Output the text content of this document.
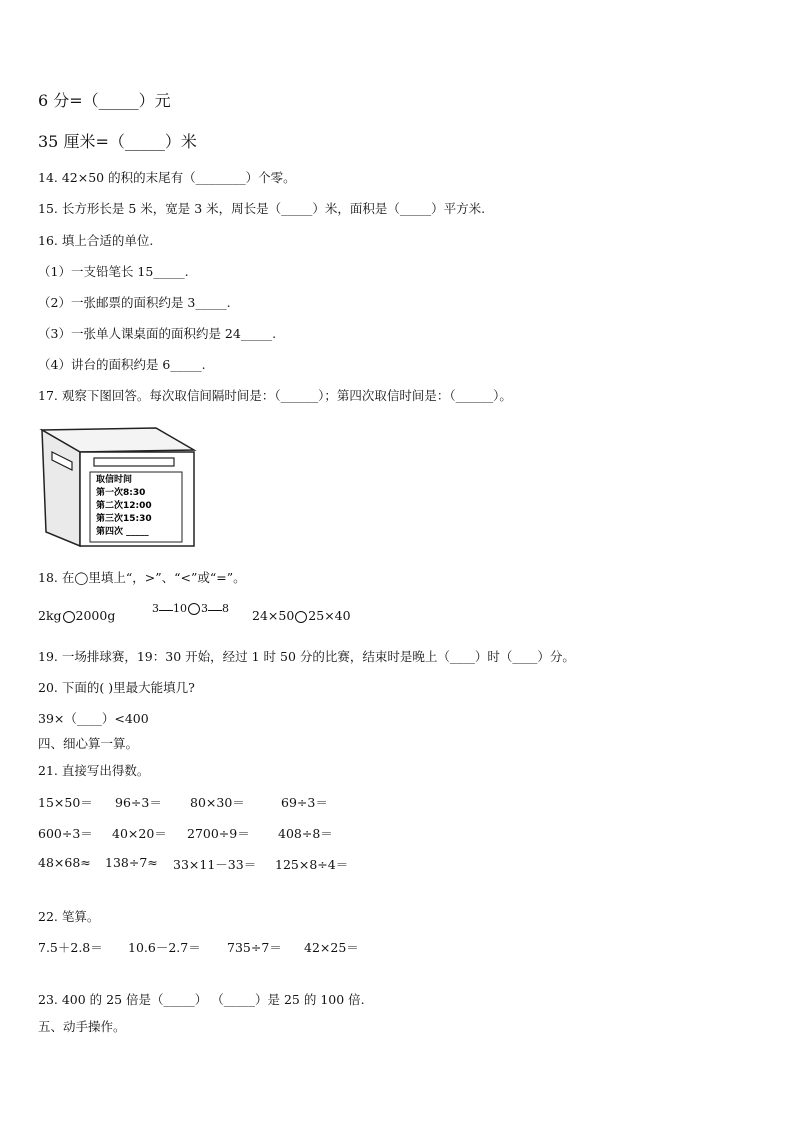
6 分=（_____）元
35 厘米=（_____）米
14. 42×50 的积的末尾有（________）个零。
15. 长方形长是 5 米，宽是 3 米，周长是（_____）米，面积是（_____）平方米.
16. 填上合适的单位.
（1）一支铅笔长 15_____.
（2）一张邮票的面积约是 3_____.
（3）一张单人课桌面的面积约是 24_____.
（4）讲台的面积约是 6_____.
17. 观察下图回答。每次取信间隔时间是：（______）；第四次取信时间是：（______）。
取信时间
第一次8:30
第二次12:00
第三次15:30
第四次 _____
18. 在◯里填上“，>”、“<”或“=”。
2kg 2000g	3 10 3 8 24×50 25×40
19. 一场排球赛，19：30 开始，经过 1 时 50 分的比赛，结束时是晚上（____）时（____）分。
20. 下面的( )里最大能填几?
39×（____）<400
四、细心算一算。
21. 直接写出得数。
15×50＝ 96÷3＝ 80×30＝	69÷3＝
600÷3＝ 40×20＝ 2700÷9＝ 408÷8＝
48×68≈ 138÷7≈ 33×11－33＝ 125×8÷4＝
22. 笔算。
7.5＋2.8＝ 10.6－2.7＝ 735÷7＝ 42×25＝
23. 400 的 25 倍是（_____） （_____）是 25 的 100 倍.
五、动手操作。
